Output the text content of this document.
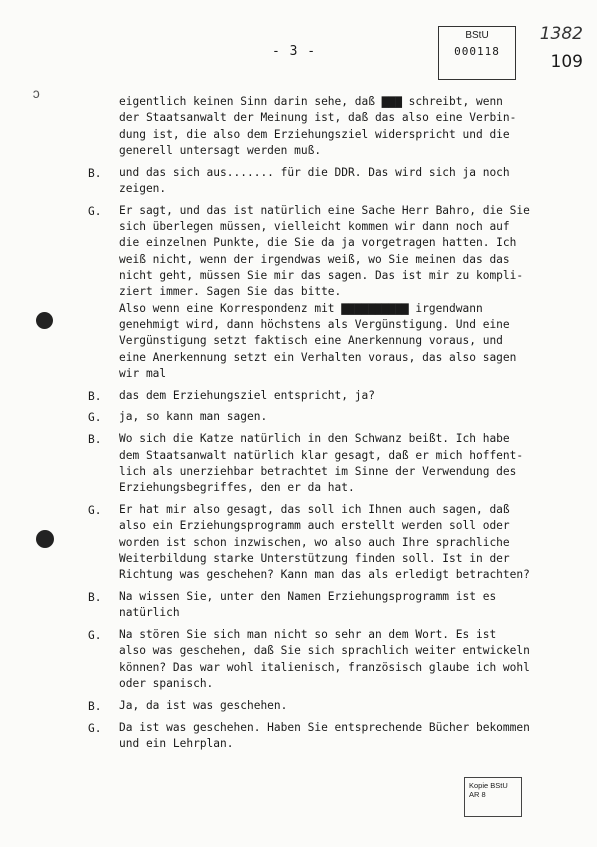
- 3 -
BStU
000118
1382
109
ↄ	eigentlich keinen Sinn darin sehe, daß ▇▇▇ schreibt, wenn
der Staatsanwalt der Meinung ist, daß das also eine Verbin-
dung ist, die also dem Erziehungsziel widerspricht und die
generell untersagt werden muß.
B. und das sich aus....... für die DDR. Das wird sich ja noch
zeigen.
G. Er sagt, und das ist natürlich eine Sache Herr Bahro, die Sie
sich überlegen müssen, vielleicht kommen wir dann noch auf
die einzelnen Punkte, die Sie da ja vorgetragen hatten. Ich
weiß nicht, wenn der irgendwas weiß, wo Sie meinen das das
nicht geht, müssen Sie mir das sagen. Das ist mir zu kompli-
ziert immer. Sagen Sie das bitte.
Also wenn eine Korrespondenz mit ▇▇▇▇▇▇▇▇▇▇ irgendwann
genehmigt wird, dann höchstens als Vergünstigung. Und eine
Vergünstigung setzt faktisch eine Anerkennung voraus, und
eine Anerkennung setzt ein Verhalten voraus, das also sagen
wir mal
B. das dem Erziehungsziel entspricht, ja?
G. ja, so kann man sagen.
B. Wo sich die Katze natürlich in den Schwanz beißt. Ich habe
dem Staatsanwalt natürlich klar gesagt, daß er mich hoffent-
lich als unerziehbar betrachtet im Sinne der Verwendung des
Erziehungsbegriffes, den er da hat.
G. Er hat mir also gesagt, das soll ich Ihnen auch sagen, daß
also ein Erziehungsprogramm auch erstellt werden soll oder
worden ist schon inzwischen, wo also auch Ihre sprachliche
Weiterbildung starke Unterstützung finden soll. Ist in der
Richtung was geschehen? Kann man das als erledigt betrachten?
B. Na wissen Sie, unter den Namen Erziehungsprogramm ist es
natürlich
G. Na stören Sie sich man nicht so sehr an dem Wort. Es ist
also was geschehen, daß Sie sich sprachlich weiter entwickeln
können? Das war wohl italienisch, französisch glaube ich wohl
oder spanisch.
B. Ja, da ist was geschehen.
G. Da ist was geschehen. Haben Sie entsprechende Bücher bekommen
und ein Lehrplan.
Kopie BStU
AR 8
